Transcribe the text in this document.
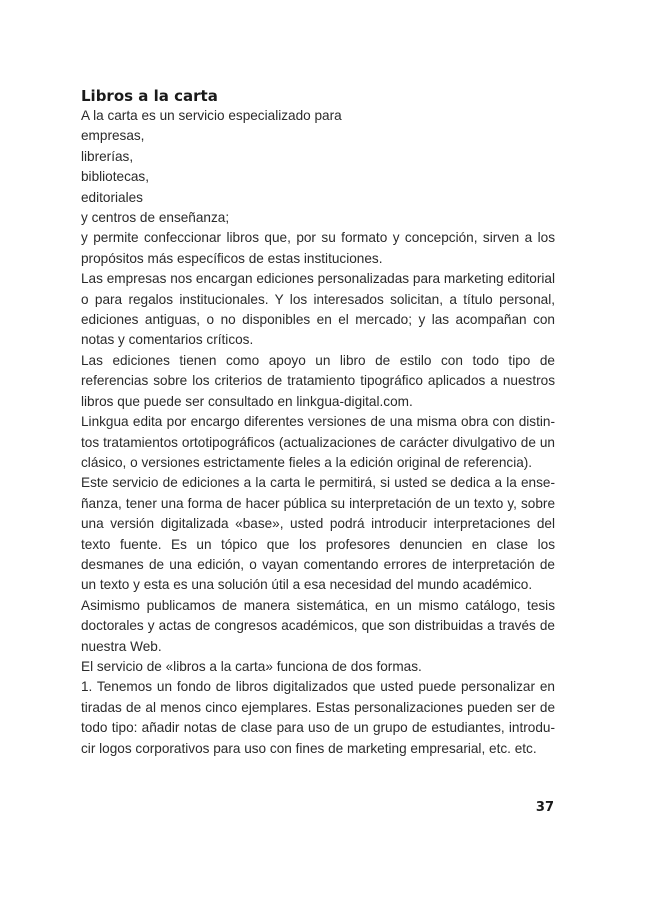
Libros a la carta

A la carta es un servicio especializado para

empresas,

librerías,

bibliotecas,

editoriales

y centros de enseñanza;

y permite confeccionar libros que, por su formato y concepción, sirven a los propósitos más específicos de estas instituciones.

Las empresas nos encargan ediciones personalizadas para marketing editorial o para regalos institucionales. Y los interesados solicitan, a título personal, ediciones antiguas, o no disponibles en el mercado; y las acompañan con notas y comentarios críticos.

Las ediciones tienen como apoyo un libro de estilo con todo tipo de referencias sobre los criterios de tratamiento tipográfico aplicados a nuestros libros que puede ser consultado en linkgua-digital.com.

Linkgua edita por encargo diferentes versiones de una misma obra con distintos tratamientos ortotipográficos (actualizaciones de carácter divulgativo de un clásico, o versiones estrictamente fieles a la edición original de referencia).

Este servicio de ediciones a la carta le permitirá, si usted se dedica a la enseñanza, tener una forma de hacer pública su interpretación de un texto y, sobre una versión digitalizada «base», usted podrá introducir interpretaciones del texto fuente. Es un tópico que los profesores denuncien en clase los desmanes de una edición, o vayan comentando errores de interpretación de un texto y esta es una solución útil a esa necesidad del mundo académico.

Asimismo publicamos de manera sistemática, en un mismo catálogo, tesis doctorales y actas de congresos académicos, que son distribuidas a través de nuestra Web.

El servicio de «libros a la carta» funciona de dos formas.

1. Tenemos un fondo de libros digitalizados que usted puede personalizar en tiradas de al menos cinco ejemplares. Estas personalizaciones pueden ser de todo tipo: añadir notas de clase para uso de un grupo de estudiantes, introducir logos corporativos para uso con fines de marketing empresarial, etc. etc.

37
